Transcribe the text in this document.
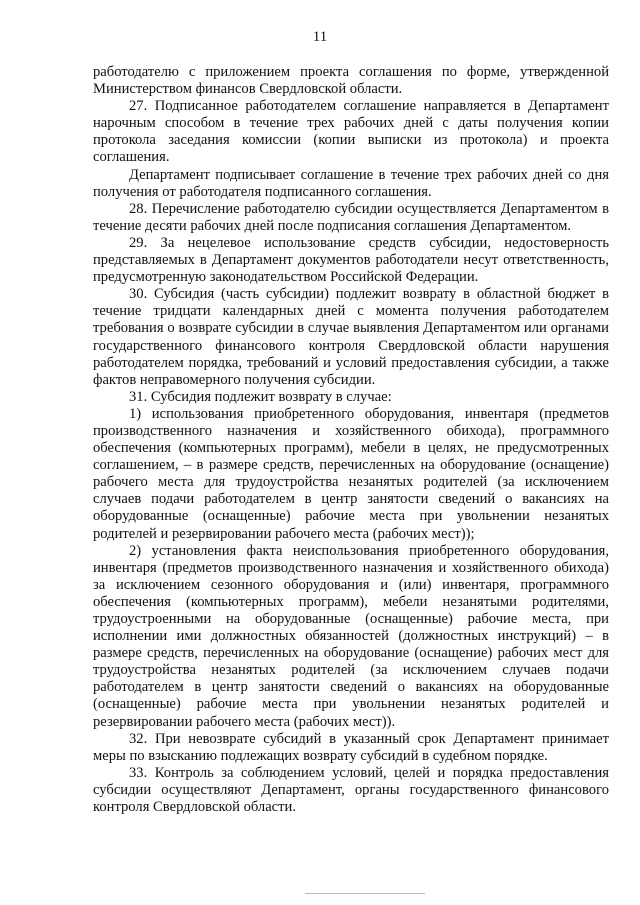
11

работодателю с приложением проекта соглашения по форме, утвержденной Министерством финансов Свердловской области.

27. Подписанное работодателем соглашение направляется в Департамент нарочным способом в течение трех рабочих дней с даты получения копии протокола заседания комиссии (копии выписки из протокола) и проекта соглашения.

Департамент подписывает соглашение в течение трех рабочих дней со дня получения от работодателя подписанного соглашения.

28. Перечисление работодателю субсидии осуществляется Департаментом в течение десяти рабочих дней после подписания соглашения Департаментом.

29. За нецелевое использование средств субсидии, недостоверность представляемых в Департамент документов работодатели несут ответственность, предусмотренную законодательством Российской Федерации.

30. Субсидия (часть субсидии) подлежит возврату в областной бюджет в течение тридцати календарных дней с момента получения работодателем требования о возврате субсидии в случае выявления Департаментом или органами государственного финансового контроля Свердловской области нарушения работодателем порядка, требований и условий предоставления субсидии, а также фактов неправомерного получения субсидии.

31. Субсидия подлежит возврату в случае:

1) использования приобретенного оборудования, инвентаря (предметов производственного назначения и хозяйственного обихода), программного обеспечения (компьютерных программ), мебели в целях, не предусмотренных соглашением, – в размере средств, перечисленных на оборудование (оснащение) рабочего места для трудоустройства незанятых родителей (за исключением случаев подачи работодателем в центр занятости сведений о вакансиях на оборудованные (оснащенные) рабочие места при увольнении незанятых родителей и резервировании рабочего места (рабочих мест));

2) установления факта неиспользования приобретенного оборудования, инвентаря (предметов производственного назначения и хозяйственного обихода) за исключением сезонного оборудования и (или) инвентаря, программного обеспечения (компьютерных программ), мебели незанятыми родителями, трудоустроенными на оборудованные (оснащенные) рабочие места, при исполнении ими должностных обязанностей (должностных инструкций) – в размере средств, перечисленных на оборудование (оснащение) рабочих мест для трудоустройства незанятых родителей (за исключением случаев подачи работодателем в центр занятости сведений о вакансиях на оборудованные (оснащенные) рабочие места при увольнении незанятых родителей и резервировании рабочего места (рабочих мест)).

32. При невозврате субсидий в указанный срок Департамент принимает меры по взысканию подлежащих возврату субсидий в судебном порядке.

33. Контроль за соблюдением условий, целей и порядка предоставления субсидии осуществляют Департамент, органы государственного финансового контроля Свердловской области.
